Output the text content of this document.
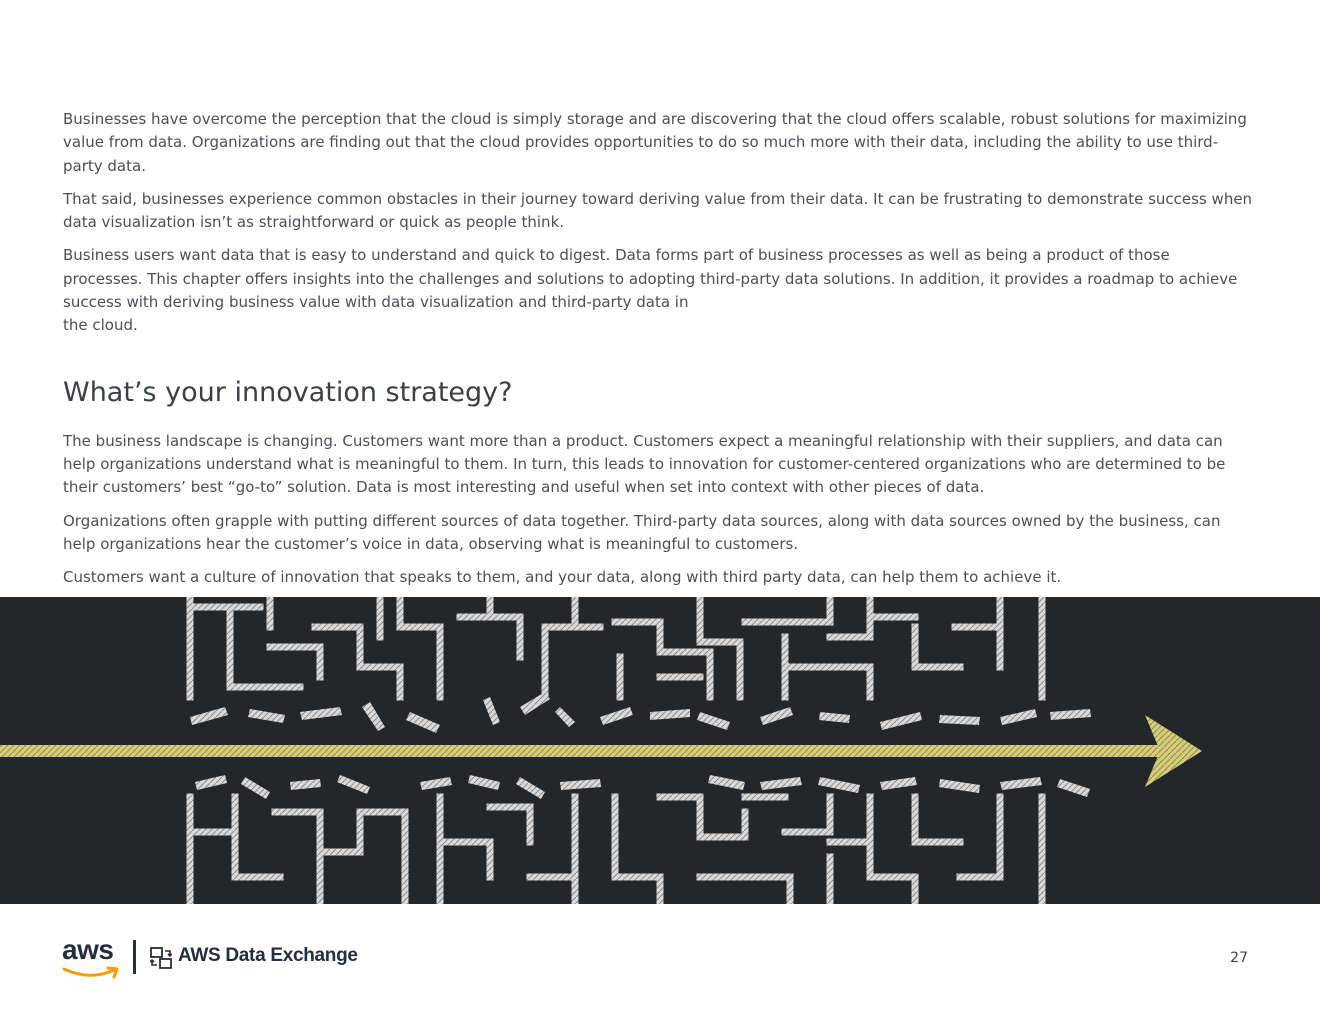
Businesses have overcome the perception that the cloud is simply storage and are discovering that the cloud offers scalable, robust solutions for maximizing value from data. Organizations are finding out that the cloud provides opportunities to do so much more with their data, including the ability to use third-party data.

That said, businesses experience common obstacles in their journey toward deriving value from their data. It can be frustrating to demonstrate success when data visualization isn’t as straightforward or quick as people think.

Business users want data that is easy to understand and quick to digest. Data forms part of business processes as well as being a product of those processes. This chapter offers insights into the challenges and solutions to adopting third-party data solutions. In addition, it provides a roadmap to achieve success with deriving business value with data visualization and third-party data in
the cloud.

What’s your innovation strategy?

The business landscape is changing. Customers want more than a product. Customers expect a meaningful relationship with their suppliers, and data can help organizations understand what is meaningful to them. In turn, this leads to innovation for customer-centered organizations who are determined to be their customers’ best “go-to” solution. Data is most interesting and useful when set into context with other pieces of data.

Organizations often grapple with putting different sources of data together. Third-party data sources, along with data sources owned by the business, can help organizations hear the customer’s voice in data, observing what is meaningful to customers.

Customers want a culture of innovation that speaks to them, and your data, along with third party data, can help them to achieve it.

aws	AWS Data Exchange	27
